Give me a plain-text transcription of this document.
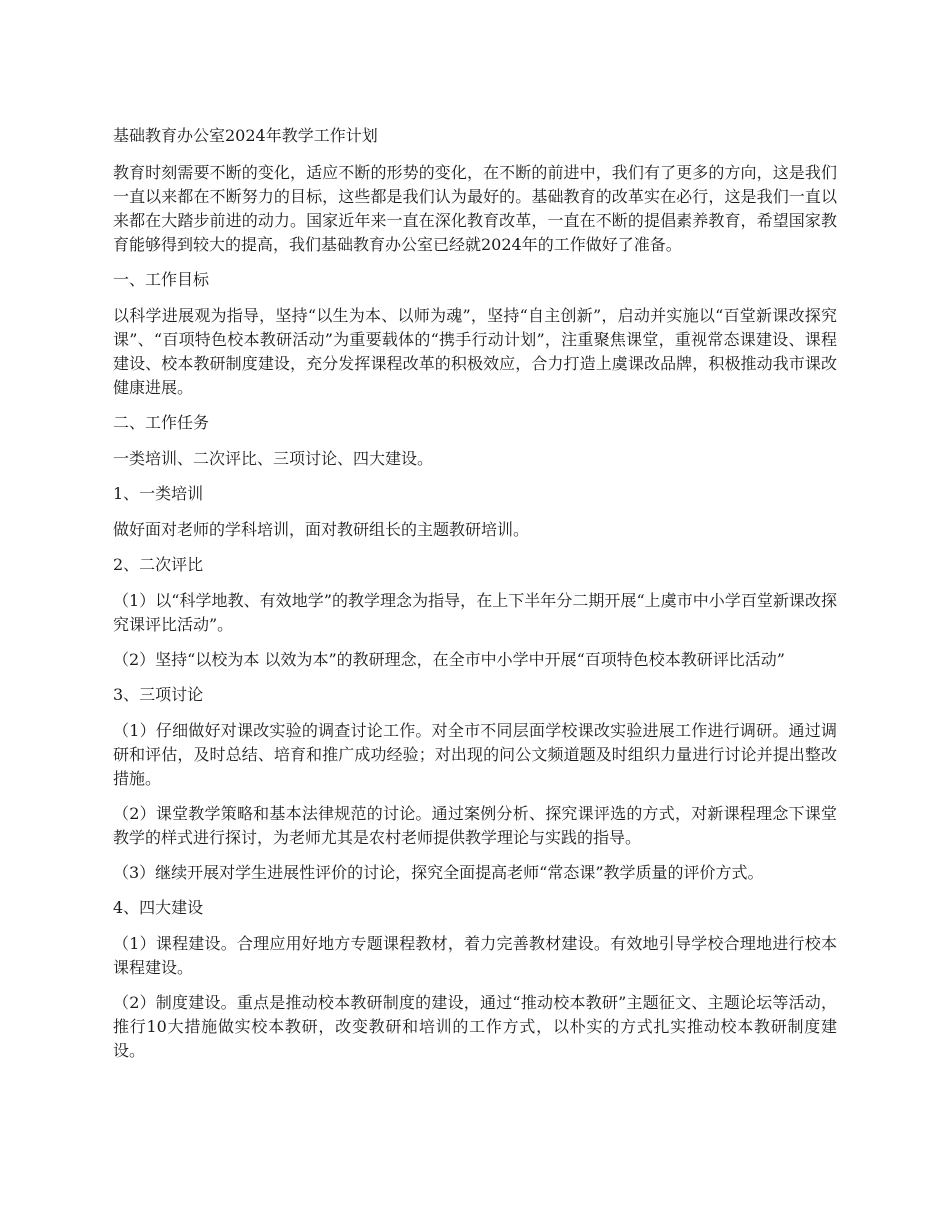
基础教育办公室2024年教学工作计划

教育时刻需要不断的变化，适应不断的形势的变化，在不断的前进中，我们有了更多的方向，这是我们一直以来都在不断努力的目标，这些都是我们认为最好的。基础教育的改革实在必行，这是我们一直以来都在大踏步前进的动力。国家近年来一直在深化教育改革，一直在不断的提倡素养教育，希望国家教育能够得到较大的提高，我们基础教育办公室已经就2024年的工作做好了准备。

一、工作目标

以科学进展观为指导，坚持“以生为本、以师为魂”，坚持“自主创新”，启动并实施以“百堂新课改探究课”、“百项特色校本教研活动”为重要载体的“携手行动计划”，注重聚焦课堂，重视常态课建设、课程建设、校本教研制度建设，充分发挥课程改革的积极效应，合力打造上虞课改品牌，积极推动我市课改健康进展。

二、工作任务

一类培训、二次评比、三项讨论、四大建设。

1、一类培训

做好面对老师的学科培训，面对教研组长的主题教研培训。

2、二次评比

（1）以“科学地教、有效地学”的教学理念为指导，在上下半年分二期开展“上虞市中小学百堂新课改探究课评比活动”。

（2）坚持“以校为本 以效为本”的教研理念，在全市中小学中开展“百项特色校本教研评比活动”

3、三项讨论

（1）仔细做好对课改实验的调查讨论工作。对全市不同层面学校课改实验进展工作进行调研。通过调研和评估，及时总结、培育和推广成功经验；对出现的问公文频道题及时组织力量进行讨论并提出整改措施。

（2）课堂教学策略和基本法律规范的讨论。通过案例分析、探究课评选的方式，对新课程理念下课堂教学的样式进行探讨，为老师尤其是农村老师提供教学理论与实践的指导。

（3）继续开展对学生进展性评价的讨论，探究全面提高老师“常态课”教学质量的评价方式。

4、四大建设

（1）课程建设。合理应用好地方专题课程教材，着力完善教材建设。有效地引导学校合理地进行校本课程建设。

（2）制度建设。重点是推动校本教研制度的建设，通过“推动校本教研”主题征文、主题论坛等活动，推行10大措施做实校本教研，改变教研和培训的工作方式，以朴实的方式扎实推动校本教研制度建设。
